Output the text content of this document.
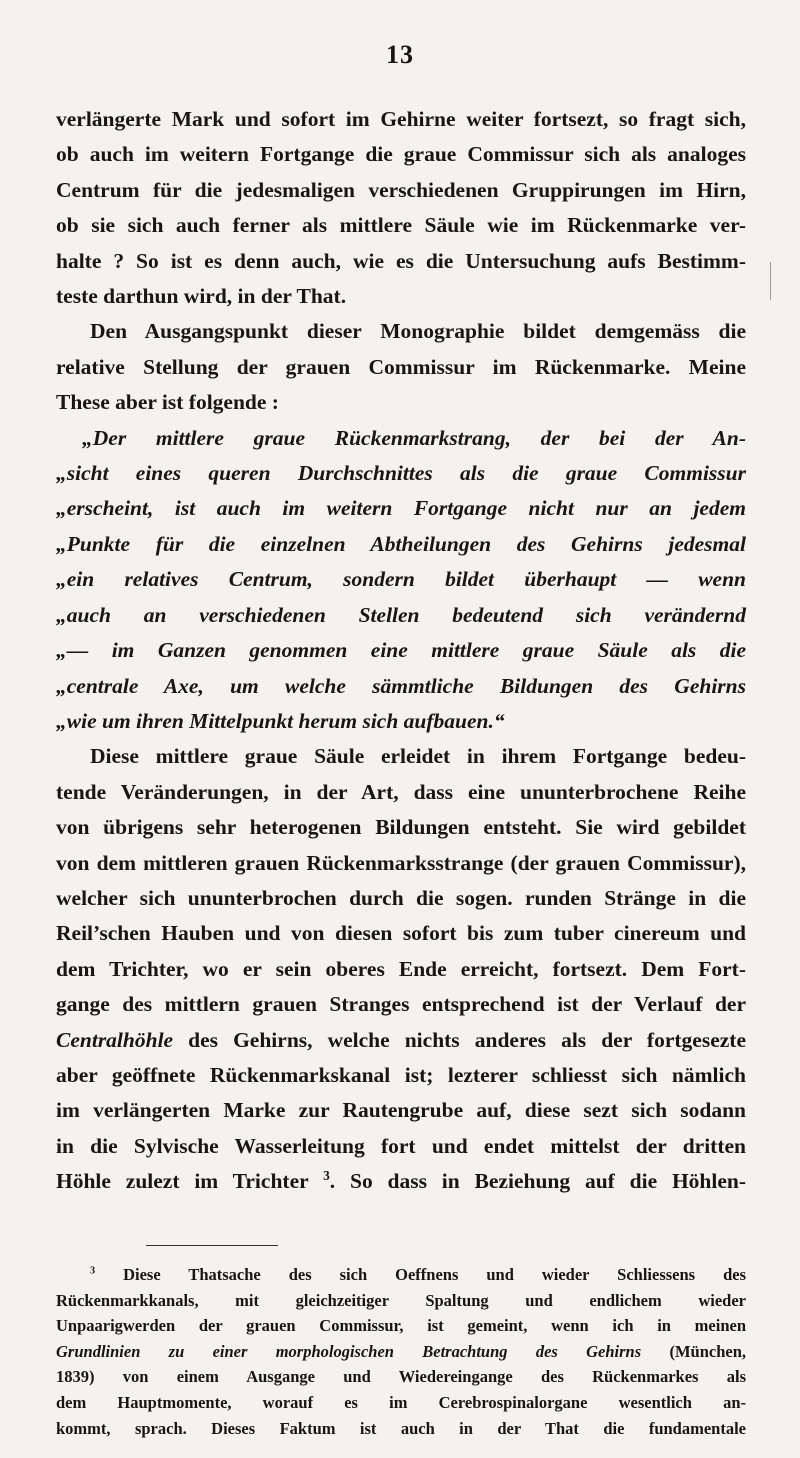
13
verlängerte Mark und sofort im Gehirne weiter fortsezt, so fragt sich,
ob auch im weitern Fortgange die graue Commissur sich als analoges
Centrum für die jedesmaligen verschiedenen Gruppirungen im Hirn,
ob sie sich auch ferner als mittlere Säule wie im Rückenmarke ver-
halte ? So ist es denn auch, wie es die Untersuchung aufs Bestimm-
teste darthun wird, in der That.
Den Ausgangspunkt dieser Monographie bildet demgemäss die
relative Stellung der grauen Commissur im Rückenmarke. Meine
These aber ist folgende :
„Der mittlere graue Rückenmarkstrang, der bei der An-
„sicht eines queren Durchschnittes als die graue Commissur
„erscheint, ist auch im weitern Fortgange nicht nur an jedem
„Punkte für die einzelnen Abtheilungen des Gehirns jedesmal
„ein relatives Centrum, sondern bildet überhaupt — wenn
„auch an verschiedenen Stellen bedeutend sich verändernd
„— im Ganzen genommen eine mittlere graue Säule als die
„centrale Axe, um welche sämmtliche Bildungen des Gehirns
„wie um ihren Mittelpunkt herum sich aufbauen.“
Diese mittlere graue Säule erleidet in ihrem Fortgange bedeu-
tende Veränderungen, in der Art, dass eine ununterbrochene Reihe
von übrigens sehr heterogenen Bildungen entsteht. Sie wird gebildet
von dem mittleren grauen Rückenmarksstrange (der grauen Commissur),
welcher sich ununterbrochen durch die sogen. runden Stränge in die
Reil’schen Hauben und von diesen sofort bis zum tuber cinereum und
dem Trichter, wo er sein oberes Ende erreicht, fortsezt. Dem Fort-
gange des mittlern grauen Stranges entsprechend ist der Verlauf der
Centralhöhle des Gehirns, welche nichts anderes als der fortgesezte
aber geöffnete Rückenmarkskanal ist; lezterer schliesst sich nämlich
im verlängerten Marke zur Rautengrube auf, diese sezt sich sodann
in die Sylvische Wasserleitung fort und endet mittelst der dritten
Höhle zulezt im Trichter $^3$. So dass in Beziehung auf die Höhlen-
$^3$ Diese Thatsache des sich Oeffnens und wieder Schliessens des
Rückenmarkkanals, mit gleichzeitiger Spaltung und endlichem wieder
Unpaarigwerden der grauen Commissur, ist gemeint, wenn ich in meinen
Grundlinien zu einer morphologischen Betrachtung des Gehirns (München,
1839) von einem Ausgange und Wiedereingange des Rückenmarkes als
dem Hauptmomente, worauf es im Cerebrospinalorgane wesentlich an-
kommt, sprach. Dieses Faktum ist auch in der That die fundamentale
